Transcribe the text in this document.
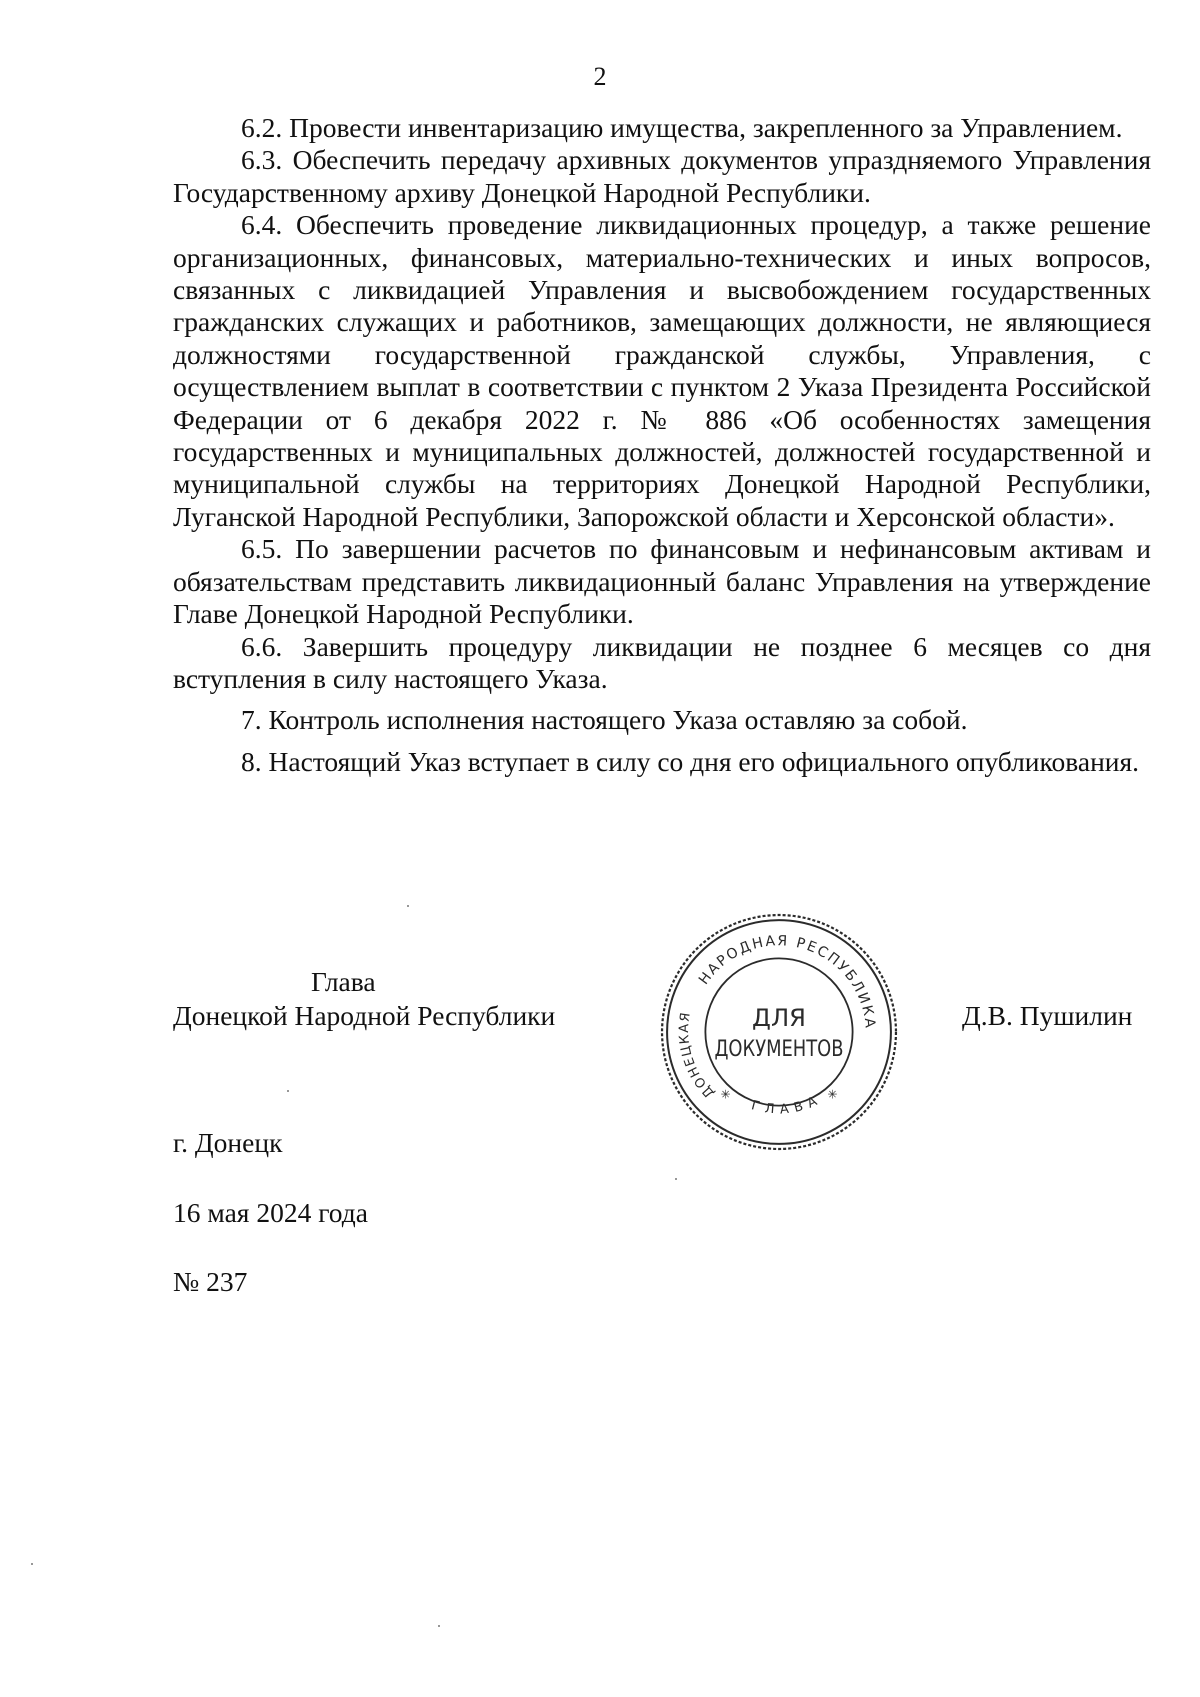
2

6.2. Провести инвентаризацию имущества, закрепленного за Управлением.

6.3. Обеспечить передачу архивных документов упраздняемого Управления Государственному архиву Донецкой Народной Республики.

6.4. Обеспечить проведение ликвидационных процедур, а также решение организационных, финансовых, материально-технических и иных вопросов, связанных с ликвидацией Управления и высвобождением государственных гражданских служащих и работников, замещающих должности, не являющиеся должностями государственной гражданской службы, Управления, с осуществлением выплат в соответствии с пунктом 2 Указа Президента Российской Федерации от 6 декабря 2022 г. № 886 «Об особенностях замещения государственных и муниципальных должностей, должностей государственной и муниципальной службы на территориях Донецкой Народной Республики, Луганской Народной Республики, Запорожской области и Херсонской области».

6.5. По завершении расчетов по финансовым и нефинансовым активам и обязательствам представить ликвидационный баланс Управления на утверждение Главе Донецкой Народной Республики.

6.6. Завершить процедуру ликвидации не позднее 6 месяцев со дня вступления в силу настоящего Указа.

7. Контроль исполнения настоящего Указа оставляю за собой.

8. Настоящий Указ вступает в силу со дня его официального опубликования.

Глава
Донецкой Народной Республики	Д.В. Пушилин
НАРОДНАЯ РЕСПУБЛИКА
ДОНЕЦКАЯ
ГЛАВА
✳	✳
ДЛЯ
ДОКУМЕНТОВ
г. Донецк
16 мая 2024 года
№ 237
